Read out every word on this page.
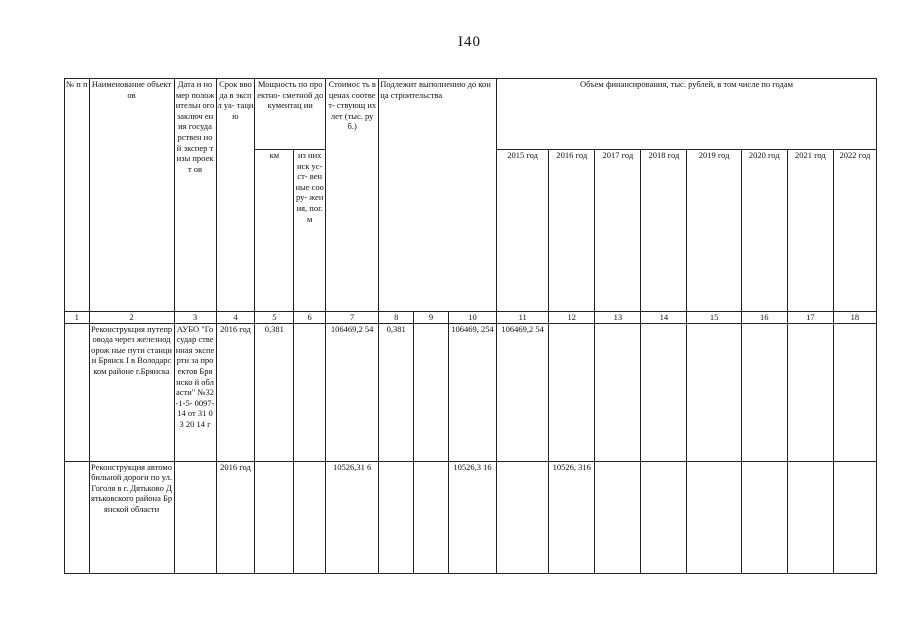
I40
№ п п	Наименование объектов	Дата и номер полож ительн ого заключ ения госуда рствен ной экспер тизы проект ов	Срок ввода в экспл уа- таци ю	Мощность по проектно- сметной документац ии		Стоимос ть в ценах соответ- ствующ их лет (тыс. руб.)	Подлежит выполнению до конца строительства			Объем финансирования, тыс. рублей, в том числе по годам							
				км	из них иск ус- ст- вен ные соо ру- жен ия, пог. м					2015 год	2016 год	2017 год	2018 год	2019 год	2020 год	2021 год	2022 год
1	2	3	4	5	6	7	8	9	10	11	12	13	14	15	16	17	18
	Реконструкция путепровода через железнодорож ные пути станции Брянск I в Володарском районе г.Брянска	АУБО "Государ ственная эксперти за проектов Брянско й области" №32-1-5- 0097-14 от 31 03 20 14 г	2016 год	0,381		106469,2 54	0,381		106469, 254	106469,2 54							
	Реконструкция автомобильной дороги по ул. Гоголя в г. Дятьково Дятьковского района Брянской области		2016 год			10526,31 6			10526,3 16		10526, 316						
